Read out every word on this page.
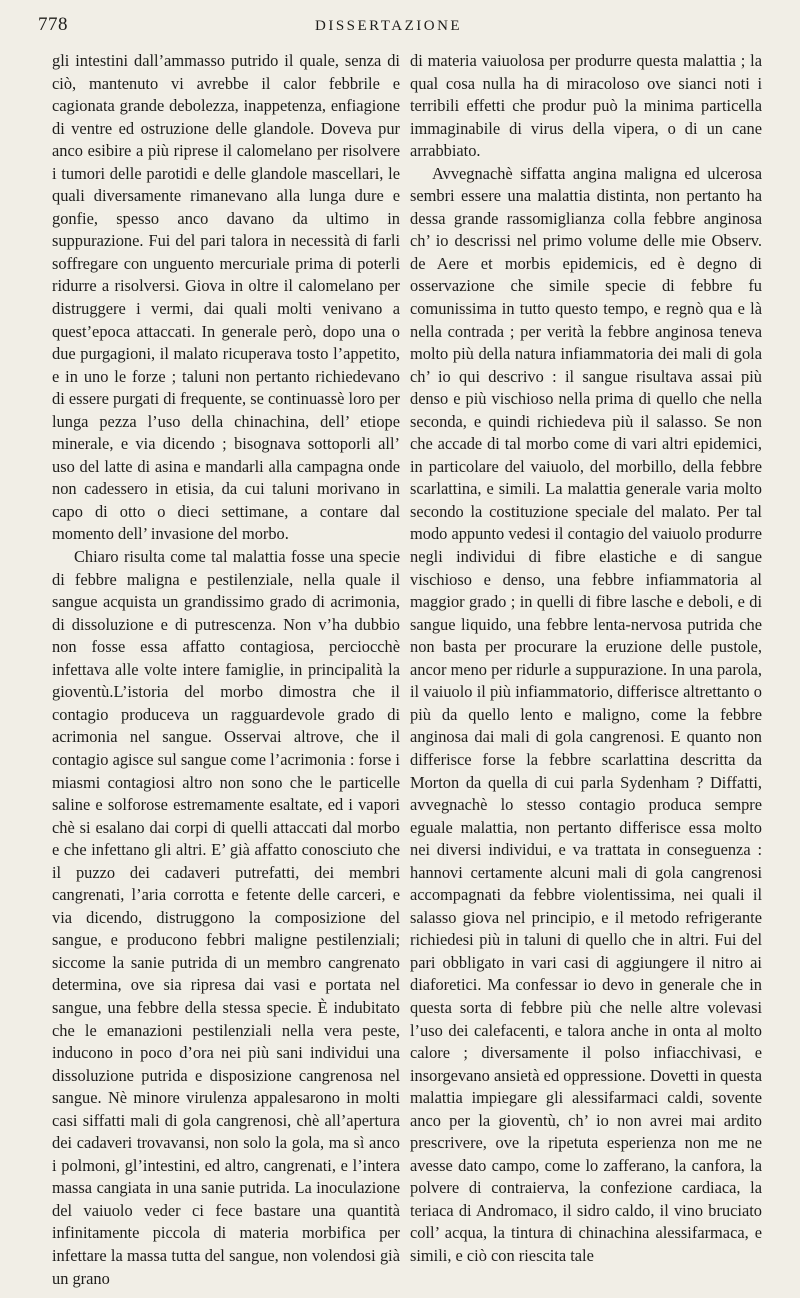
778	DISSERTAZIONE

gli intestini dall’ammasso putrido il quale, senza di ciò, mantenuto vi avrebbe il calor febbrile e cagionata grande debolezza, inappetenza, enfiagione di ventre ed ostruzione delle glandole. Doveva pur anco esibire a più riprese il calomelano per risolvere i tumori delle parotidi e delle glandole mascellari, le quali diversamente rimanevano alla lunga dure e gonfie, spesso anco davano da ultimo in suppurazione. Fui del pari talora in necessità di farli soffregare con unguento mercuriale prima di poterli ridurre a risolversi. Giova in oltre il calomelano per distruggere i vermi, dai quali molti venivano a quest’epoca attaccati. In generale però, dopo una o due purgagioni, il malato ricuperava tosto l’appetito, e in uno le forze ; taluni non pertanto richiedevano di essere purgati di frequente, se continuassè loro per lunga pezza l’uso della chinachina, dell’ etiope minerale, e via dicendo ; bisognava sottoporli all’ uso del latte di asina e mandarli alla campagna onde non cadessero in etisia, da cui taluni morivano in capo di otto o dieci settimane, a contare dal momento dell’ invasione del morbo.

Chiaro risulta come tal malattia fosse una specie di febbre maligna e pestilenziale, nella quale il sangue acquista un grandissimo grado di acrimonia, di dissoluzione e di putrescenza. Non v’ha dubbio non fosse essa affatto contagiosa, perciocchè infettava alle volte intere famiglie, in principalità la gioventù.L’istoria del morbo dimostra che il contagio produceva un ragguardevole grado di acrimonia nel sangue. Osservai altrove, che il contagio agisce sul sangue come l’acrimonia : forse i miasmi contagiosi altro non sono che le particelle saline e solforose estremamente esaltate, ed i vapori chè si esalano dai corpi di quelli attaccati dal morbo e che infettano gli altri. E’ già affatto conosciuto che il puzzo dei cadaveri putrefatti, dei membri cangrenati, l’aria corrotta e fetente delle carceri, e via dicendo, distruggono la composizione del sangue, e producono febbri maligne pestilenziali; siccome la sanie putrida di un membro cangrenato determina, ove sia ripresa dai vasi e portata nel sangue, una febbre della stessa specie. È indubitato che le emanazioni pestilenziali nella vera peste, inducono in poco d’ora nei più sani individui una dissoluzione putrida e disposizione cangrenosa nel sangue. Nè minore virulenza appalesarono in molti casi siffatti mali di gola cangrenosi, chè all’apertura dei cadaveri trovavansi, non solo la gola, ma sì anco i polmoni, gl’intestini, ed altro, cangrenati, e l’intera massa cangiata in una sanie putrida. La inoculazione del vaiuolo veder ci fece bastare una quantità infinitamente piccola di materia morbifica per infettare la massa tutta del sangue, non volendosi già un grano

di materia vaiuolosa per produrre questa malattia ; la qual cosa nulla ha di miracoloso ove sianci noti i terribili effetti che produr può la minima particella immaginabile di virus della vipera, o di un cane arrabbiato.

Avvegnachè siffatta angina maligna ed ulcerosa sembri essere una malattia distinta, non pertanto ha dessa grande rassomiglianza colla febbre anginosa ch’ io descrissi nel primo volume delle mie Observ. de Aere et morbis epidemicis, ed è degno di osservazione che simile specie di febbre fu comunissima in tutto questo tempo, e regnò qua e là nella contrada ; per verità la febbre anginosa teneva molto più della natura infiammatoria dei mali di gola ch’ io qui descrivo : il sangue risultava assai più denso e più vischioso nella prima di quello che nella seconda, e quindi richiedeva più il salasso. Se non che accade di tal morbo come di vari altri epidemici, in particolare del vaiuolo, del morbillo, della febbre scarlattina, e simili. La malattia generale varia molto secondo la costituzione speciale del malato. Per tal modo appunto vedesi il contagio del vaiuolo produrre negli individui di fibre elastiche e di sangue vischioso e denso, una febbre infiammatoria al maggior grado ; in quelli di fibre lasche e deboli, e di sangue liquido, una febbre lenta-nervosa putrida che non basta per procurare la eruzione delle pustole, ancor meno per ridurle a suppurazione. In una parola, il vaiuolo il più infiammatorio, differisce altrettanto o più da quello lento e maligno, come la febbre anginosa dai mali di gola cangrenosi. E quanto non differisce forse la febbre scarlattina descritta da Morton da quella di cui parla Sydenham ? Diffatti, avvegnachè lo stesso contagio produca sempre eguale malattia, non pertanto differisce essa molto nei diversi individui, e va trattata in conseguenza : hannovi certamente alcuni mali di gola cangrenosi accompagnati da febbre violentissima, nei quali il salasso giova nel principio, e il metodo refrigerante richiedesi più in taluni di quello che in altri. Fui del pari obbligato in vari casi di aggiungere il nitro ai diaforetici. Ma confessar io devo in generale che in questa sorta di febbre più che nelle altre volevasi l’uso dei calefacenti, e talora anche in onta al molto calore ; diversamente il polso infiacchivasi, e insorgevano ansietà ed oppressione. Dovetti in questa malattia impiegare gli alessifarmaci caldi, sovente anco per la gioventù, ch’ io non avrei mai ardito prescrivere, ove la ripetuta esperienza non me ne avesse dato campo, come lo zafferano, la canfora, la polvere di contraierva, la confezione cardiaca, la teriaca di Andromaco, il sidro caldo, il vino bruciato coll’ acqua, la tintura di chinachina alessifarmaca, e simili, e ciò con riescita tale
